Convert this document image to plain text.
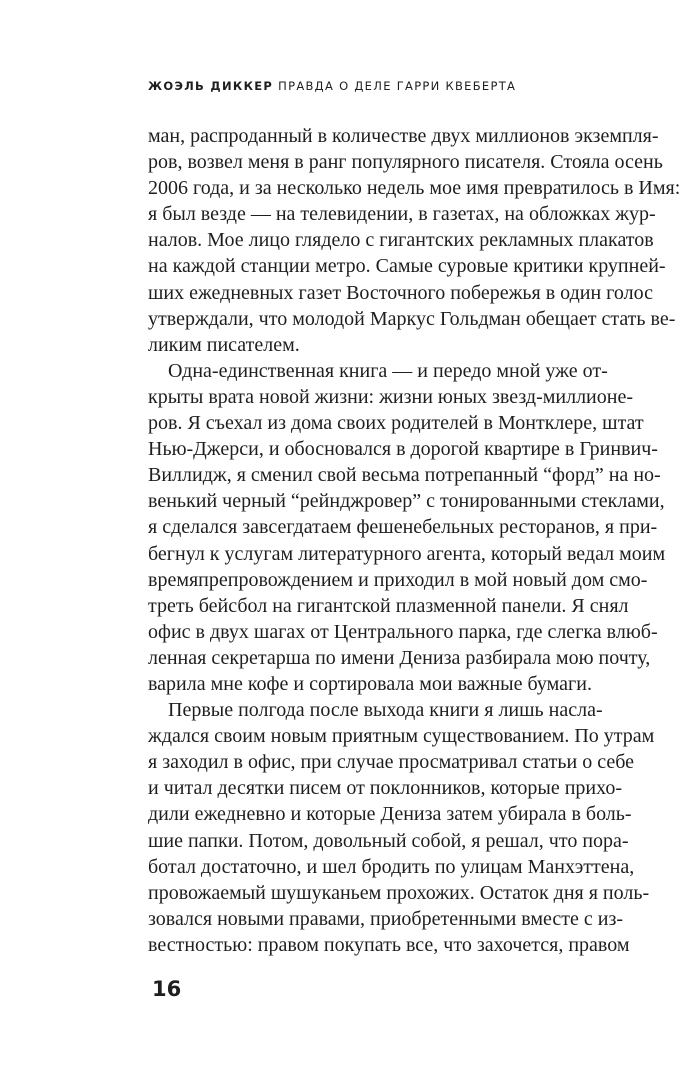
ЖОЭЛЬ ДИККЕР ПРАВДА О ДЕЛЕ ГАРРИ КВЕБЕРТА
ман, распроданный в количестве двух миллионов экземпля-
ров, возвел меня в ранг популярного писателя. Стояла осень
2006 года, и за несколько недель мое имя превратилось в Имя:
я был везде — на телевидении, в газетах, на обложках жур-
налов. Мое лицо глядело с гигантских рекламных плакатов
на каждой станции метро. Самые суровые критики крупней-
ших ежедневных газет Восточного побережья в один голос
утверждали, что молодой Маркус Гольдман обещает стать ве-
ликим писателем.
Одна-единственная книга — и передо мной уже от-
крыты врата новой жизни: жизни юных звезд-миллионе-
ров. Я съехал из дома своих родителей в Монтклере, штат
Нью-Джерси, и обосновался в дорогой квартире в Гринвич-
Виллидж, я сменил свой весьма потрепанный “форд” на но-
венький черный “рейнджровер” с тонированными стеклами,
я сделался завсегдатаем фешенебельных ресторанов, я при-
бегнул к услугам литературного агента, который ведал моим
времяпрепровождением и приходил в мой новый дом смо-
треть бейсбол на гигантской плазменной панели. Я снял
офис в двух шагах от Центрального парка, где слегка влюб-
ленная секретарша по имени Дениза разбирала мою почту,
варила мне кофе и сортировала мои важные бумаги.
Первые полгода после выхода книги я лишь насла-
ждался своим новым приятным существованием. По утрам
я заходил в офис, при случае просматривал статьи о себе
и читал десятки писем от поклонников, которые прихо-
дили ежедневно и которые Дениза затем убирала в боль-
шие папки. Потом, довольный собой, я решал, что пора-
ботал достаточно, и шел бродить по улицам Манхэттена,
провожаемый шушуканьем прохожих. Остаток дня я поль-
зовался новыми правами, приобретенными вместе с из-
вестностью: правом покупать все, что захочется, правом
16
